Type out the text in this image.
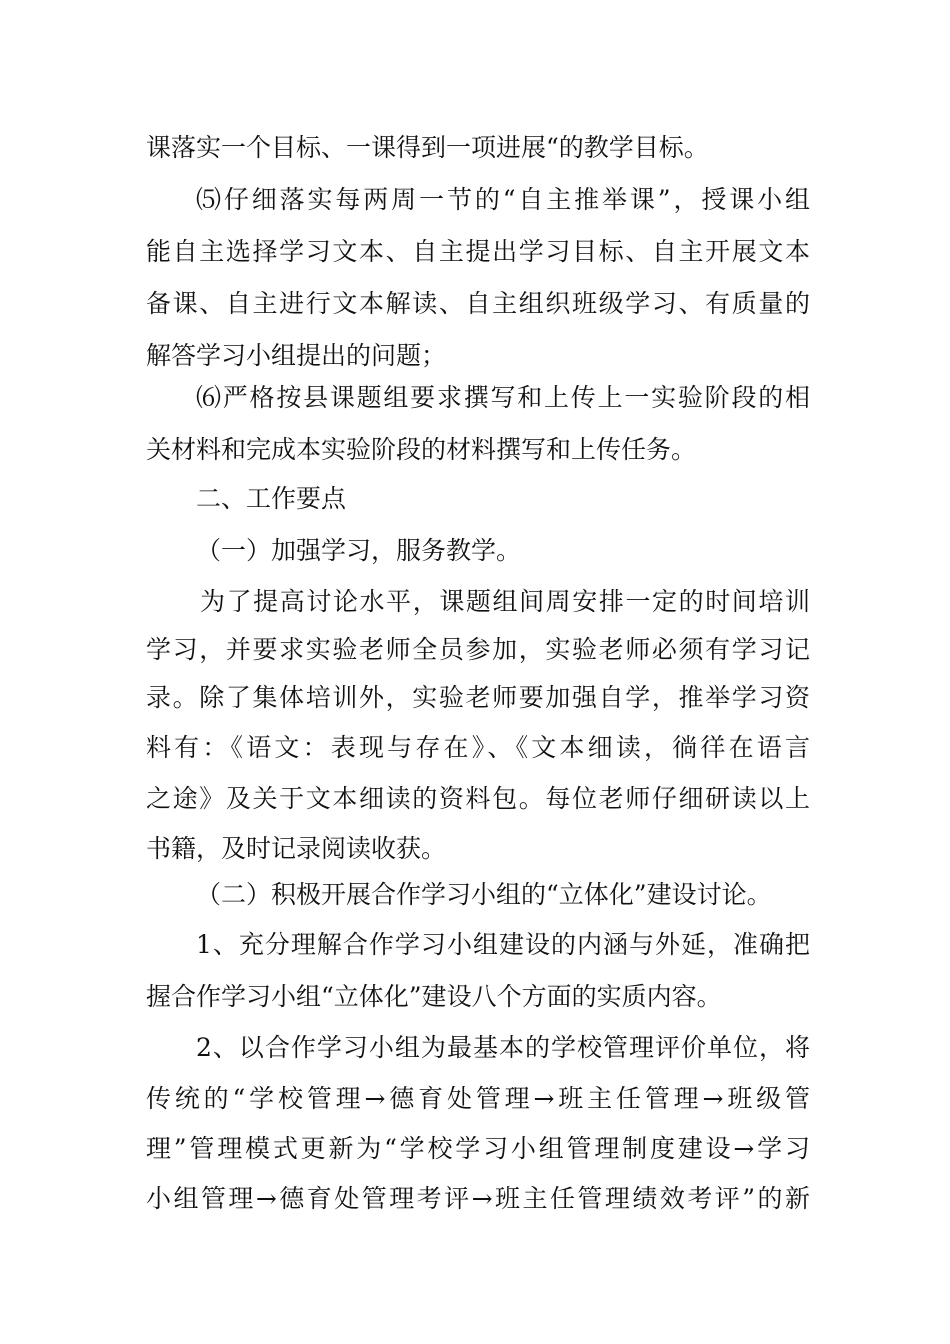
课落实一个目标、一课得到一项进展“的教学目标。

⑸仔细落实每两周一节的“自主推举课”，授课小组

能自主选择学习文本、自主提出学习目标、自主开展文本

备课、自主进行文本解读、自主组织班级学习、有质量的

解答学习小组提出的问题；

⑹严格按县课题组要求撰写和上传上一实验阶段的相

关材料和完成本实验阶段的材料撰写和上传任务。

二、工作要点

（一）加强学习，服务教学。

为了提高讨论水平，课题组间周安排一定的时间培训

学习，并要求实验老师全员参加，实验老师必须有学习记

录。除了集体培训外，实验老师要加强自学，推举学习资

料有：《语文：表现与存在》、《文本细读，徜徉在语言

之途》及关于文本细读的资料包。每位老师仔细研读以上

书籍，及时记录阅读收获。

（二）积极开展合作学习小组的“立体化”建设讨论。

1、充分理解合作学习小组建设的内涵与外延，准确把

握合作学习小组“立体化”建设八个方面的实质内容。

2、以合作学习小组为最基本的学校管理评价单位，将

传统的“学校管理→德育处管理→班主任管理→班级管

理”管理模式更新为“学校学习小组管理制度建设→学习

小组管理→德育处管理考评→班主任管理绩效考评”的新
